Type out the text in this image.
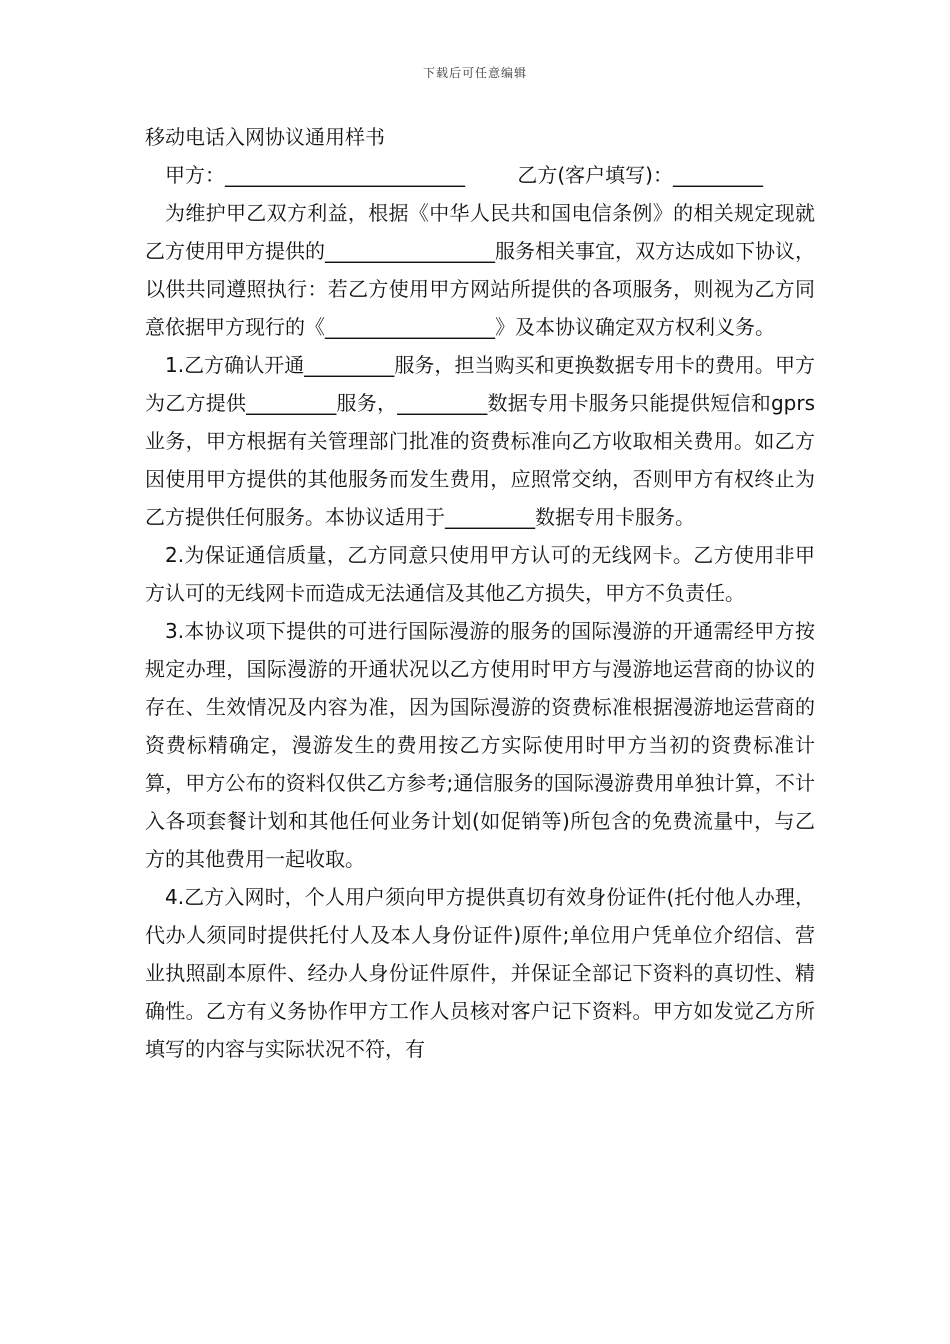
下载后可任意编辑
移动电话入网协议通用样书
甲方：________________________	乙方(客户填写)：_________

为维护甲乙双方利益，根据《中华人民共和国电信条例》的相关规定现就乙方使用甲方提供的_________________服务相关事宜，双方达成如下协议，以供共同遵照执行：若乙方使用甲方网站所提供的各项服务，则视为乙方同意依据甲方现行的《_________________》及本协议确定双方权利义务。

1.乙方确认开通_________服务，担当购买和更换数据专用卡的费用。甲方为乙方提供_________服务，_________数据专用卡服务只能提供短信和gprs业务，甲方根据有关管理部门批准的资费标准向乙方收取相关费用。如乙方因使用甲方提供的其他服务而发生费用，应照常交纳，否则甲方有权终止为乙方提供任何服务。本协议适用于_________数据专用卡服务。

2.为保证通信质量，乙方同意只使用甲方认可的无线网卡。乙方使用非甲方认可的无线网卡而造成无法通信及其他乙方损失，甲方不负责任。

3.本协议项下提供的可进行国际漫游的服务的国际漫游的开通需经甲方按规定办理，国际漫游的开通状况以乙方使用时甲方与漫游地运营商的协议的存在、生效情况及内容为准，因为国际漫游的资费标准根据漫游地运营商的资费标精确定，漫游发生的费用按乙方实际使用时甲方当初的资费标准计算，甲方公布的资料仅供乙方参考;通信服务的国际漫游费用单独计算，不计入各项套餐计划和其他任何业务计划(如促销等)所包含的免费流量中，与乙方的其他费用一起收取。

4.乙方入网时，个人用户须向甲方提供真切有效身份证件(托付他人办理，代办人须同时提供托付人及本人身份证件)原件;单位用户凭单位介绍信、营业执照副本原件、经办人身份证件原件，并保证全部记下资料的真切性、精确性。乙方有义务协作甲方工作人员核对客户记下资料。甲方如发觉乙方所填写的内容与实际状况不符，有
